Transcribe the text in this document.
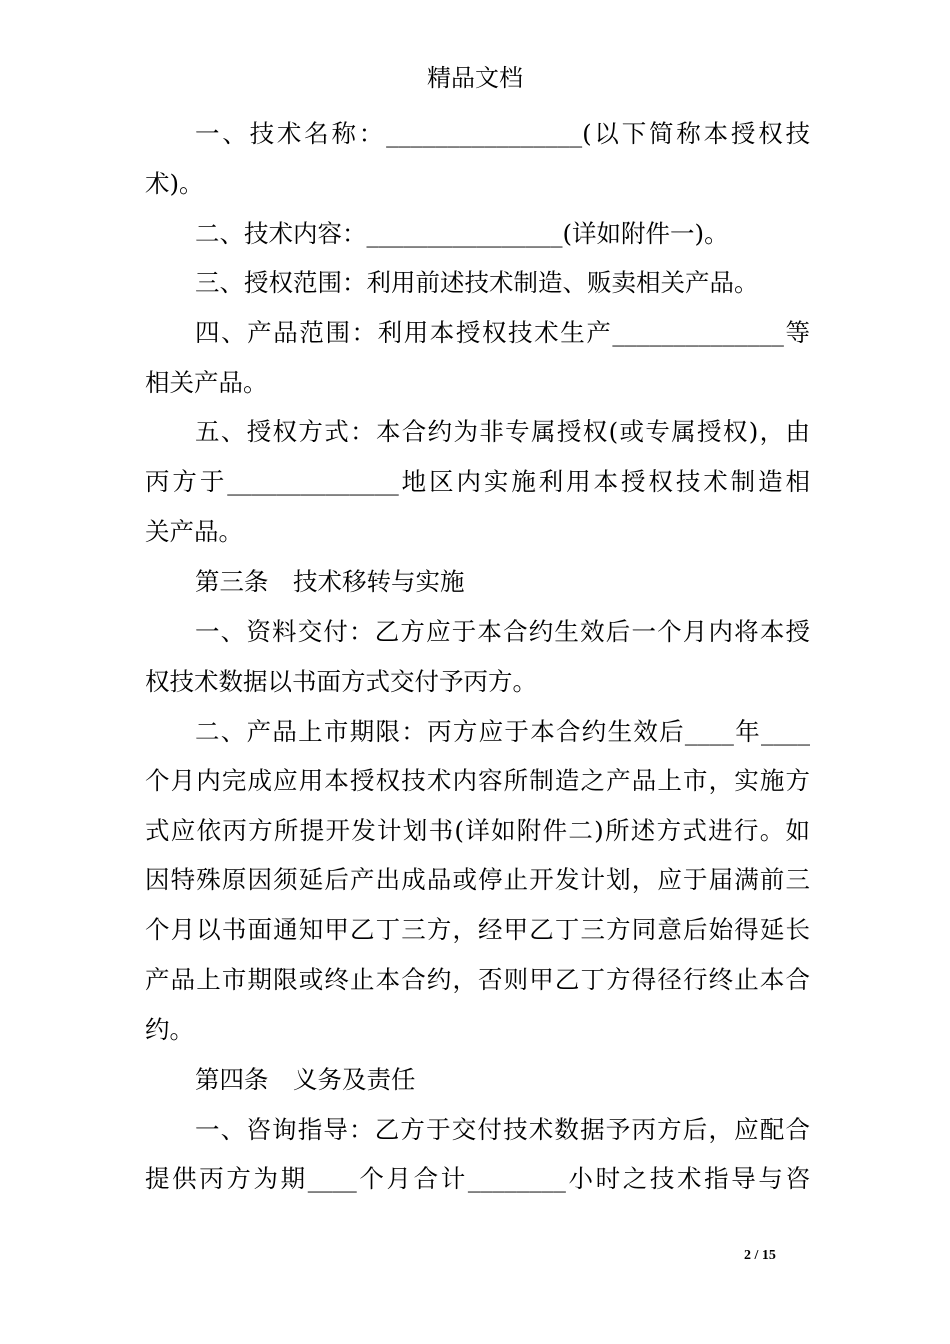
精品文档
一、技术名称：________________(以下简称本授权技
术)。
二、技术内容：________________(详如附件一)。
三、授权范围：利用前述技术制造、贩卖相关产品。
四、产品范围：利用本授权技术生产______________等
相关产品。
五、授权方式：本合约为非专属授权(或专属授权)，由
丙方于______________地区内实施利用本授权技术制造相
关产品。
第三条　技术移转与实施
一、资料交付：乙方应于本合约生效后一个月内将本授
权技术数据以书面方式交付予丙方。
二、产品上市期限：丙方应于本合约生效后____年____
个月内完成应用本授权技术内容所制造之产品上市，实施方
式应依丙方所提开发计划书(详如附件二)所述方式进行。如
因特殊原因须延后产出成品或停止开发计划，应于届满前三
个月以书面通知甲乙丁三方，经甲乙丁三方同意后始得延长
产品上市期限或终止本合约，否则甲乙丁方得径行终止本合
约。
第四条　义务及责任
一、咨询指导：乙方于交付技术数据予丙方后，应配合
提供丙方为期____个月合计________小时之技术指导与咨
2 / 15
